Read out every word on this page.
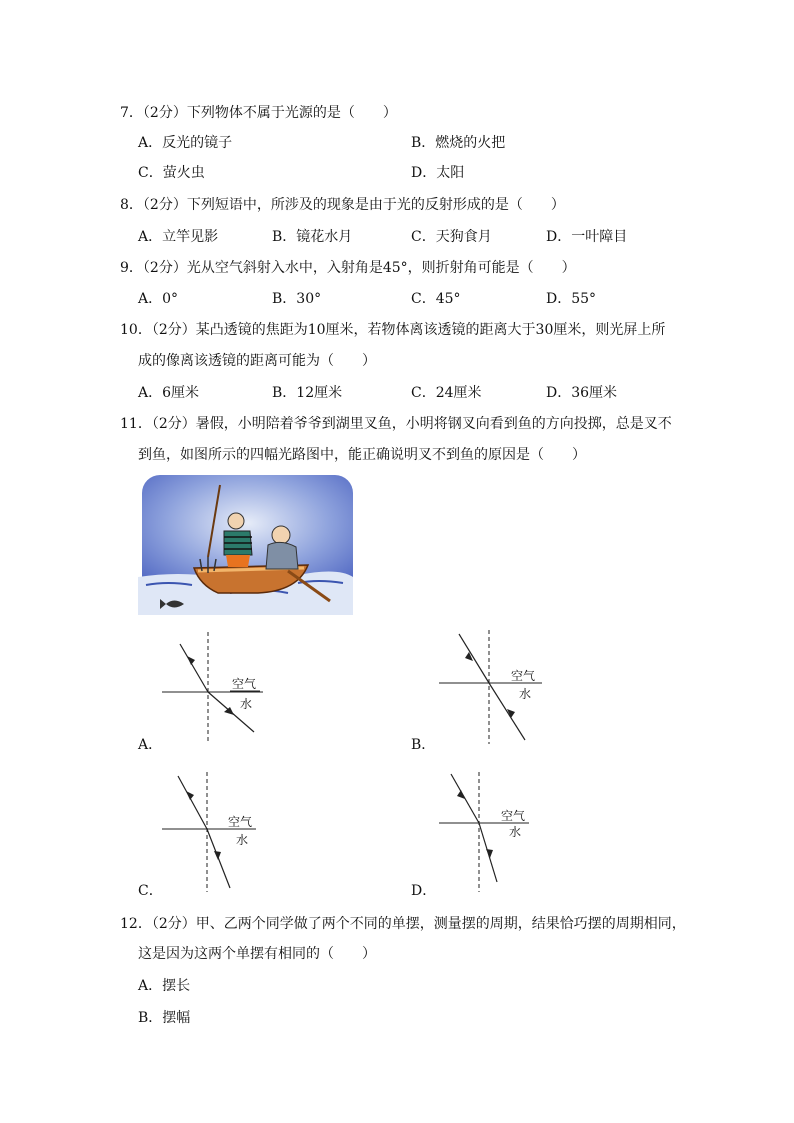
7．（2分）下列物体不属于光源的是（　　）
A．反光的镜子	B．燃烧的火把
C．萤火虫	D．太阳
8．（2分）下列短语中，所涉及的现象是由于光的反射形成的是（　　）
A．立竿见影	B．镜花水月	C．天狗食月	D．一叶障目
9．（2分）光从空气斜射入水中，入射角是45°，则折射角可能是（　　）
A．0°	B．30°	C．45°	D．55°
10．（2分）某凸透镜的焦距为10厘米，若物体离该透镜的距离大于30厘米，则光屏上所
成的像离该透镜的距离可能为（　　）
A．6厘米	B．12厘米	C．24厘米	D．36厘米
11．（2分）暑假，小明陪着爷爷到湖里叉鱼，小明将钢叉向看到鱼的方向投掷，总是叉不
到鱼，如图所示的四幅光路图中，能正确说明叉不到鱼的原因是（　　）
空气
水
A．
空气
水
B．
空气
水
C．
空气
水
D．
12．（2分）甲、乙两个同学做了两个不同的单摆，测量摆的周期，结果恰巧摆的周期相同，
这是因为这两个单摆有相同的（　　）
A．摆长
B．摆幅
